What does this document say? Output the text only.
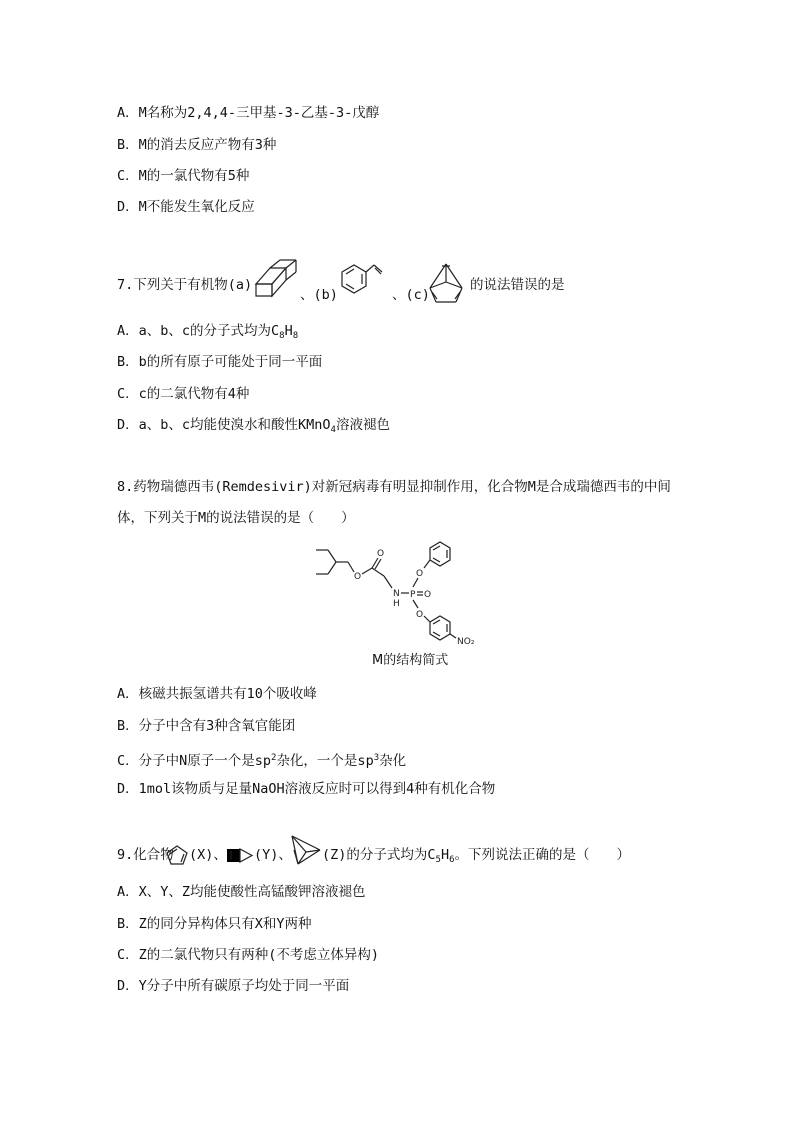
A．M名称为2,4,4-三甲基-3-乙基-3-戊醇
B．M的消去反应产物有3种
C．M的一氯代物有5种
D．M不能发生氧化反应
7.下列关于有机物(a)
、(b)	、(c)
的说法错误的是
A．a、b、c的分子式均为$C_8H_8$
B．b的所有原子可能处于同一平面
C．c的二氯代物有4种
D．a、b、c均能使溴水和酸性KMnO$_4$溶液褪色
8.药物瑞德西韦(Remdesivir)对新冠病毒有明显抑制作用，化合物M是合成瑞德西韦的中间
体，下列关于M的说法错误的是（　　）
O
O
N
H
P O
O
O
NO₂
M的结构简式
A．核磁共振氢谱共有10个吸收峰
B．分子中含有3种含氧官能团
C．分子中N原子一个是$sp^2$杂化，一个是$sp^3$杂化
D．1mol该物质与足量NaOH溶液反应时可以得到4种有机化合物
9.化合物 (X)、 (Y)、 (Z)的分子式均为$C_5H_6$。下列说法正确的是（　　）
A．X、Y、Z均能使酸性高锰酸钾溶液褪色
B．Z的同分异构体只有X和Y两种
C．Z的二氯代物只有两种(不考虑立体异构)
D．Y分子中所有碳原子均处于同一平面
